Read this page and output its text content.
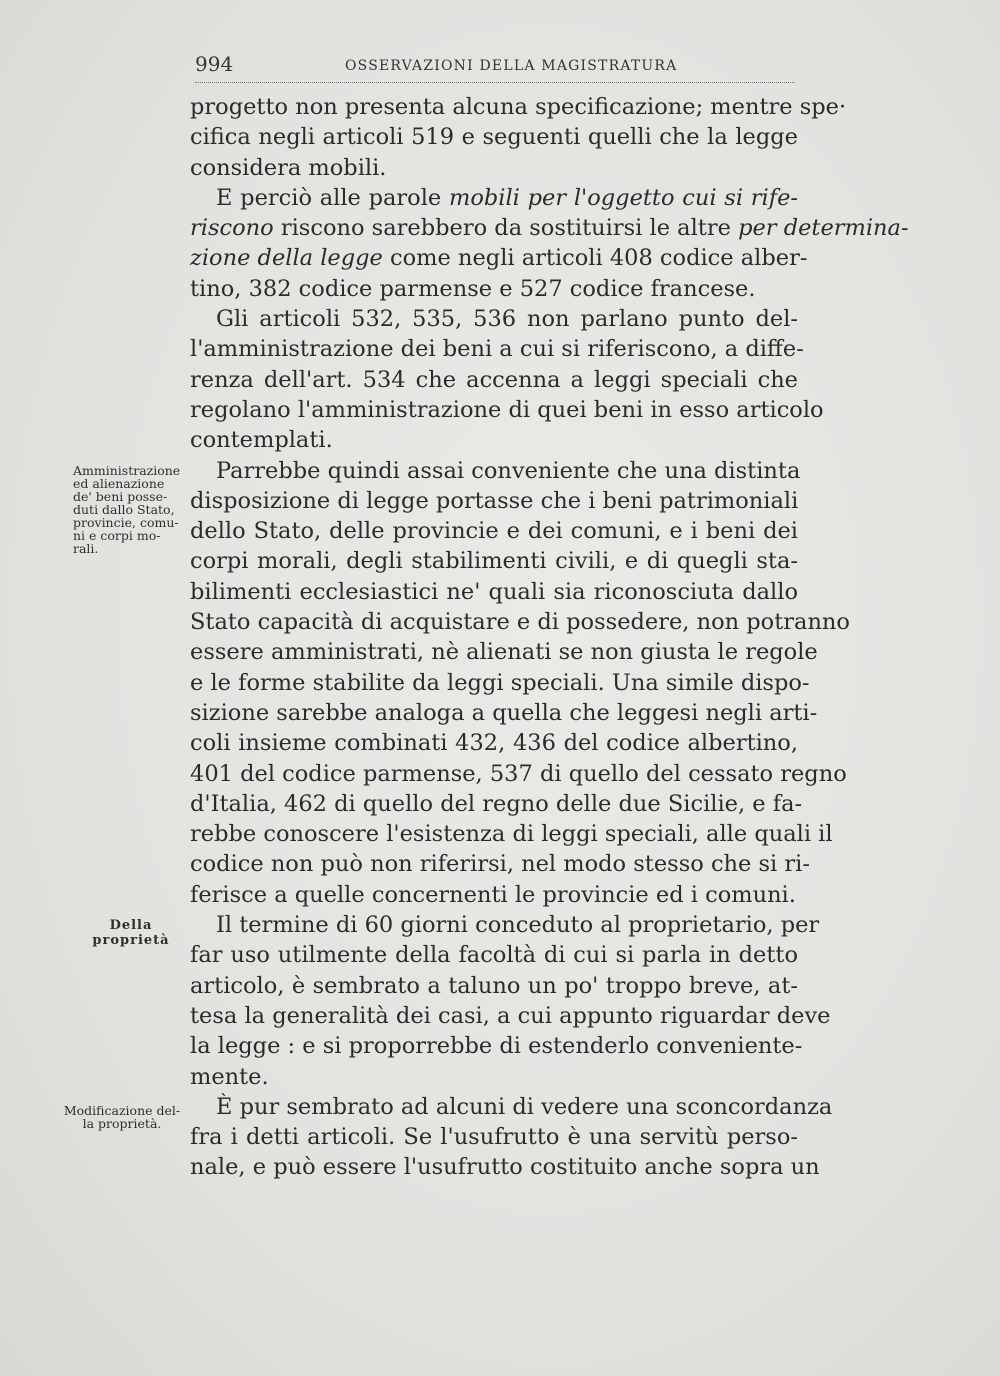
994	OSSERVAZIONI DELLA MAGISTRATURA
Amministrazione
ed alienazione
de' beni posse-
duti dallo Stato,
provincie, comu-
ni e corpi mo-
rali.
Della
proprietà
Modificazione del-
la proprietà.
progetto non presenta alcuna specificazione; mentre spe·
cifica negli articoli 519 e seguenti quelli che la legge
considera mobili.
E perciò alle parole mobili per l'oggetto cui si rife-
riscono riscono sarebbero da sostituirsi le altre per determina-
zione della legge come negli articoli 408 codice alber-
tino, 382 codice parmense e 527 codice francese.
Gli articoli 532, 535, 536 non parlano punto del-
l'amministrazione dei beni a cui si riferiscono, a diffe-
renza dell'art. 534 che accenna a leggi speciali che
regolano l'amministrazione di quei beni in esso articolo
contemplati.
Parrebbe quindi assai conveniente che una distinta
disposizione di legge portasse che i beni patrimoniali
dello Stato, delle provincie e dei comuni, e i beni dei
corpi morali, degli stabilimenti civili, e di quegli sta-
bilimenti ecclesiastici ne' quali sia riconosciuta dallo
Stato capacità di acquistare e di possedere, non potranno
essere amministrati, nè alienati se non giusta le regole
e le forme stabilite da leggi speciali. Una simile dispo-
sizione sarebbe analoga a quella che leggesi negli arti-
coli insieme combinati 432, 436 del codice albertino,
401 del codice parmense, 537 di quello del cessato regno
d'Italia, 462 di quello del regno delle due Sicilie, e fa-
rebbe conoscere l'esistenza di leggi speciali, alle quali il
codice non può non riferirsi, nel modo stesso che si ri-
ferisce a quelle concernenti le provincie ed i comuni.
Il termine di 60 giorni conceduto al proprietario, per
far uso utilmente della facoltà di cui si parla in detto
articolo, è sembrato a taluno un po' troppo breve, at-
tesa la generalità dei casi, a cui appunto riguardar deve
la legge : e si proporrebbe di estenderlo conveniente-
mente.
È pur sembrato ad alcuni di vedere una sconcordanza
fra i detti articoli. Se l'usufrutto è una servitù perso-
nale, e può essere l'usufrutto costituito anche sopra un
